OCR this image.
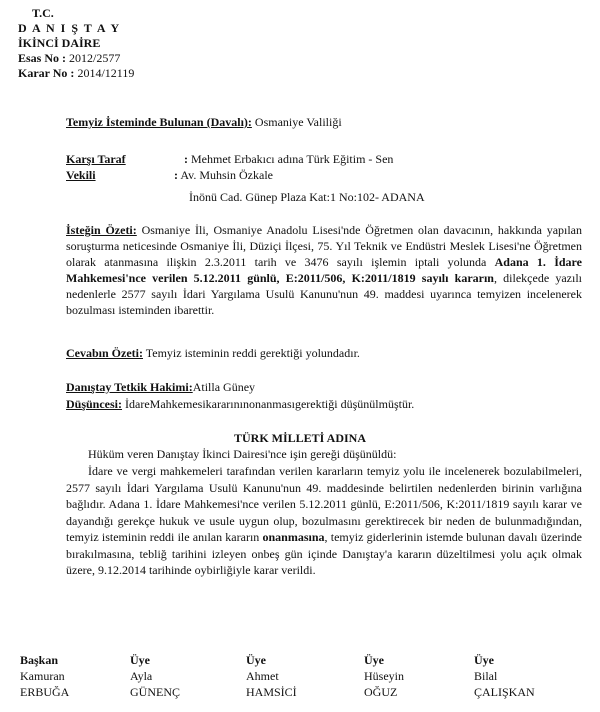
T.C.
D A N I Ş T A Y
İKİNCİ DAİRE
Esas No : 2012/2577
Karar No : 2014/12119
Temyiz İsteminde Bulunan (Davalı): Osmaniye Valiliği
Karşı Taraf	: Mehmet Erbakıcı adına Türk Eğitim - Sen
Vekili	: Av. Muhsin Özkale
İnönü Cad. Günep Plaza Kat:1 No:102- ADANA
İsteğin Özeti: Osmaniye İli, Osmaniye Anadolu Lisesi'nde Öğretmen olan davacının, hakkında yapılan soruşturma neticesinde Osmaniye İli, Düziçi İlçesi, 75. Yıl Teknik ve Endüstri Meslek Lisesi'ne Öğretmen olarak atanmasına ilişkin 2.3.2011 tarih ve 3476 sayılı işlemin iptali yolunda Adana 1. İdare Mahkemesi'nce verilen 5.12.2011 günlü, E:2011/506, K:2011/1819 sayılı kararın, dilekçede yazılı nedenlerle 2577 sayılı İdari Yargılama Usulü Kanunu'nun 49. maddesi uyarınca temyizen incelenerek bozulması isteminden ibarettir.
Cevabın Özeti: Temyiz isteminin reddi gerektiği yolundadır.
Danıştay Tetkik Hakimi:Atilla Güney
Düşüncesi: İdareMahkemesikararınınonanmasıgerektiği düşünülmüştür.
TÜRK MİLLETİ ADINA
Hüküm veren Danıştay İkinci Dairesi'nce işin gereği düşünüldü:
İdare ve vergi mahkemeleri tarafından verilen kararların temyiz yolu ile incelenerek bozulabilmeleri, 2577 sayılı İdari Yargılama Usulü Kanunu'nun 49. maddesinde belirtilen nedenlerden birinin varlığına bağlıdır. Adana 1. İdare Mahkemesi'nce verilen 5.12.2011 günlü, E:2011/506, K:2011/1819 sayılı karar ve dayandığı gerekçe hukuk ve usule uygun olup, bozulmasını gerektirecek bir neden de bulunmadığından, temyiz isteminin reddi ile anılan kararın onanmasına, temyiz giderlerinin istemde bulunan davalı üzerinde bırakılmasına, tebliğ tarihini izleyen onbeş gün içinde Danıştay'a kararın düzeltilmesi yolu açık olmak üzere, 9.12.2014 tarihinde oybirliğiyle karar verildi.
Başkan
Kamuran
ERBUĞA
Üye
Ayla
GÜNENÇ
Üye
Ahmet
HAMSİCİ
Üye
Hüseyin
OĞUZ
Üye
Bilal
ÇALIŞKAN
